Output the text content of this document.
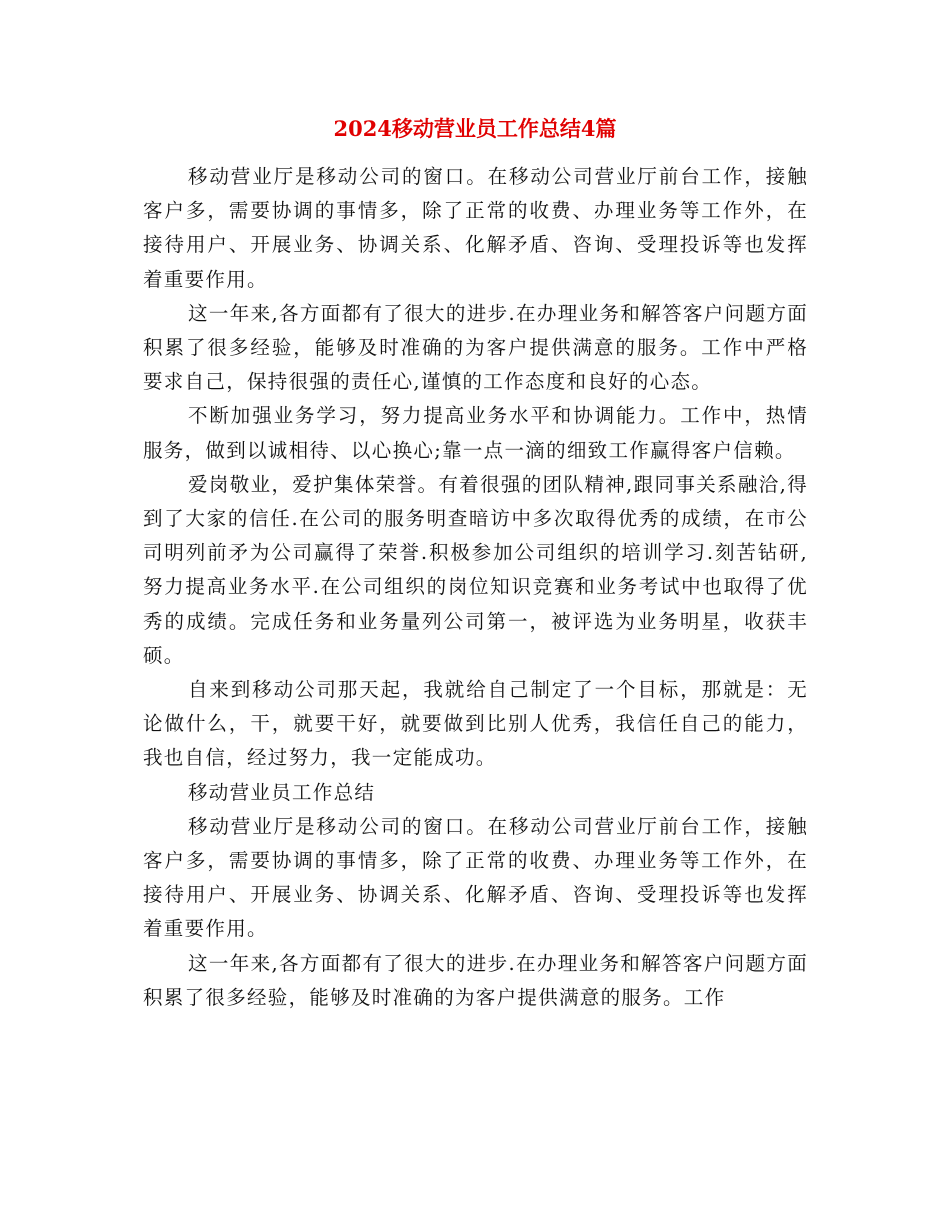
2024移动营业员工作总结4篇

移动营业厅是移动公司的窗口。在移动公司营业厅前台工作，接触客户多，需要协调的事情多，除了正常的收费、办理业务等工作外，在接待用户、开展业务、协调关系、化解矛盾、咨询、受理投诉等也发挥着重要作用。

这一年来,各方面都有了很大的进步.在办理业务和解答客户问题方面积累了很多经验，能够及时准确的为客户提供满意的服务。工作中严格要求自己，保持很强的责任心,谨慎的工作态度和良好的心态。

不断加强业务学习，努力提高业务水平和协调能力。工作中，热情服务，做到以诚相待、以心换心;靠一点一滴的细致工作赢得客户信赖。

爱岗敬业，爱护集体荣誉。有着很强的团队精神,跟同事关系融洽,得到了大家的信任.在公司的服务明查暗访中多次取得优秀的成绩，在市公司明列前矛为公司赢得了荣誉.积极参加公司组织的培训学习.刻苦钻研,努力提高业务水平.在公司组织的岗位知识竞赛和业务考试中也取得了优秀的成绩。完成任务和业务量列公司第一，被评选为业务明星，收获丰硕。

自来到移动公司那天起，我就给自己制定了一个目标，那就是：无论做什么，干，就要干好，就要做到比别人优秀，我信任自己的能力，我也自信，经过努力，我一定能成功。

移动营业员工作总结

移动营业厅是移动公司的窗口。在移动公司营业厅前台工作，接触客户多，需要协调的事情多，除了正常的收费、办理业务等工作外，在接待用户、开展业务、协调关系、化解矛盾、咨询、受理投诉等也发挥着重要作用。

这一年来,各方面都有了很大的进步.在办理业务和解答客户问题方面积累了很多经验，能够及时准确的为客户提供满意的服务。工作
